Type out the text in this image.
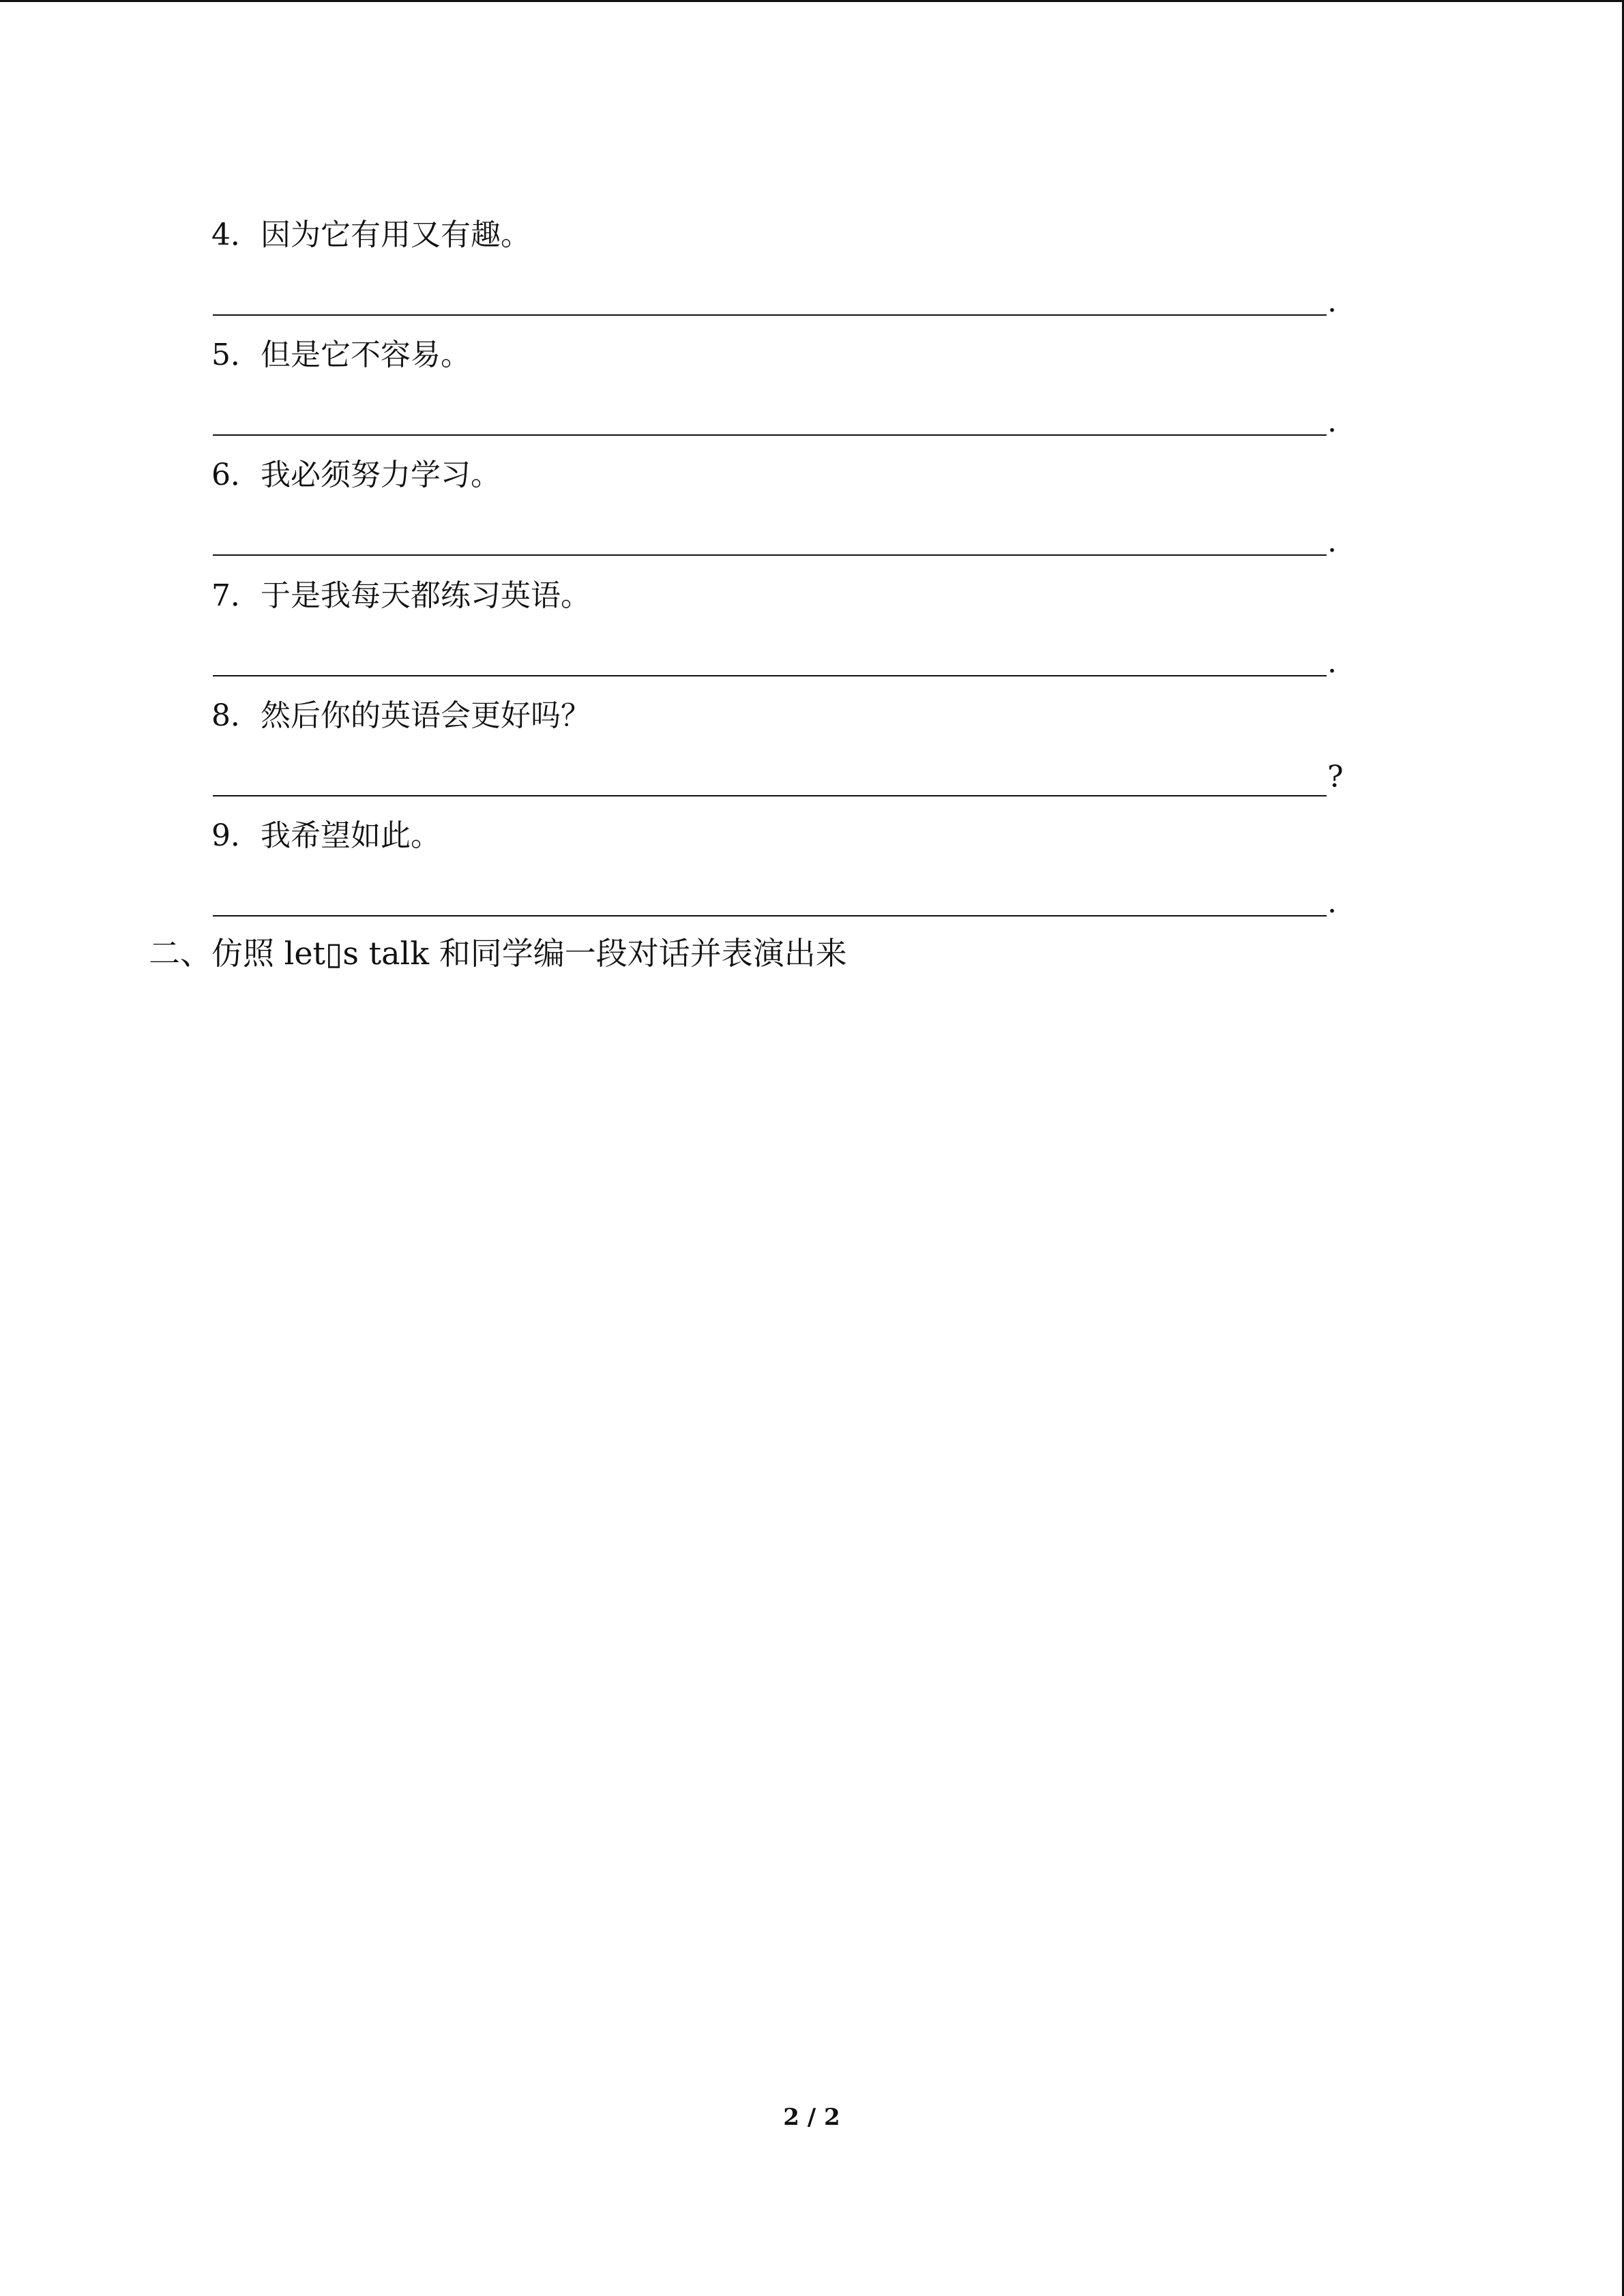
4．因为它有用又有趣。
.
5．但是它不容易。
.
6．我必须努力学习。
.
7．于是我每天都练习英语。
.
8．然后你的英语会更好吗？
?
9．我希望如此。
.
二、仿照 let▯s talk 和同学编一段对话并表演出来
2 / 2
